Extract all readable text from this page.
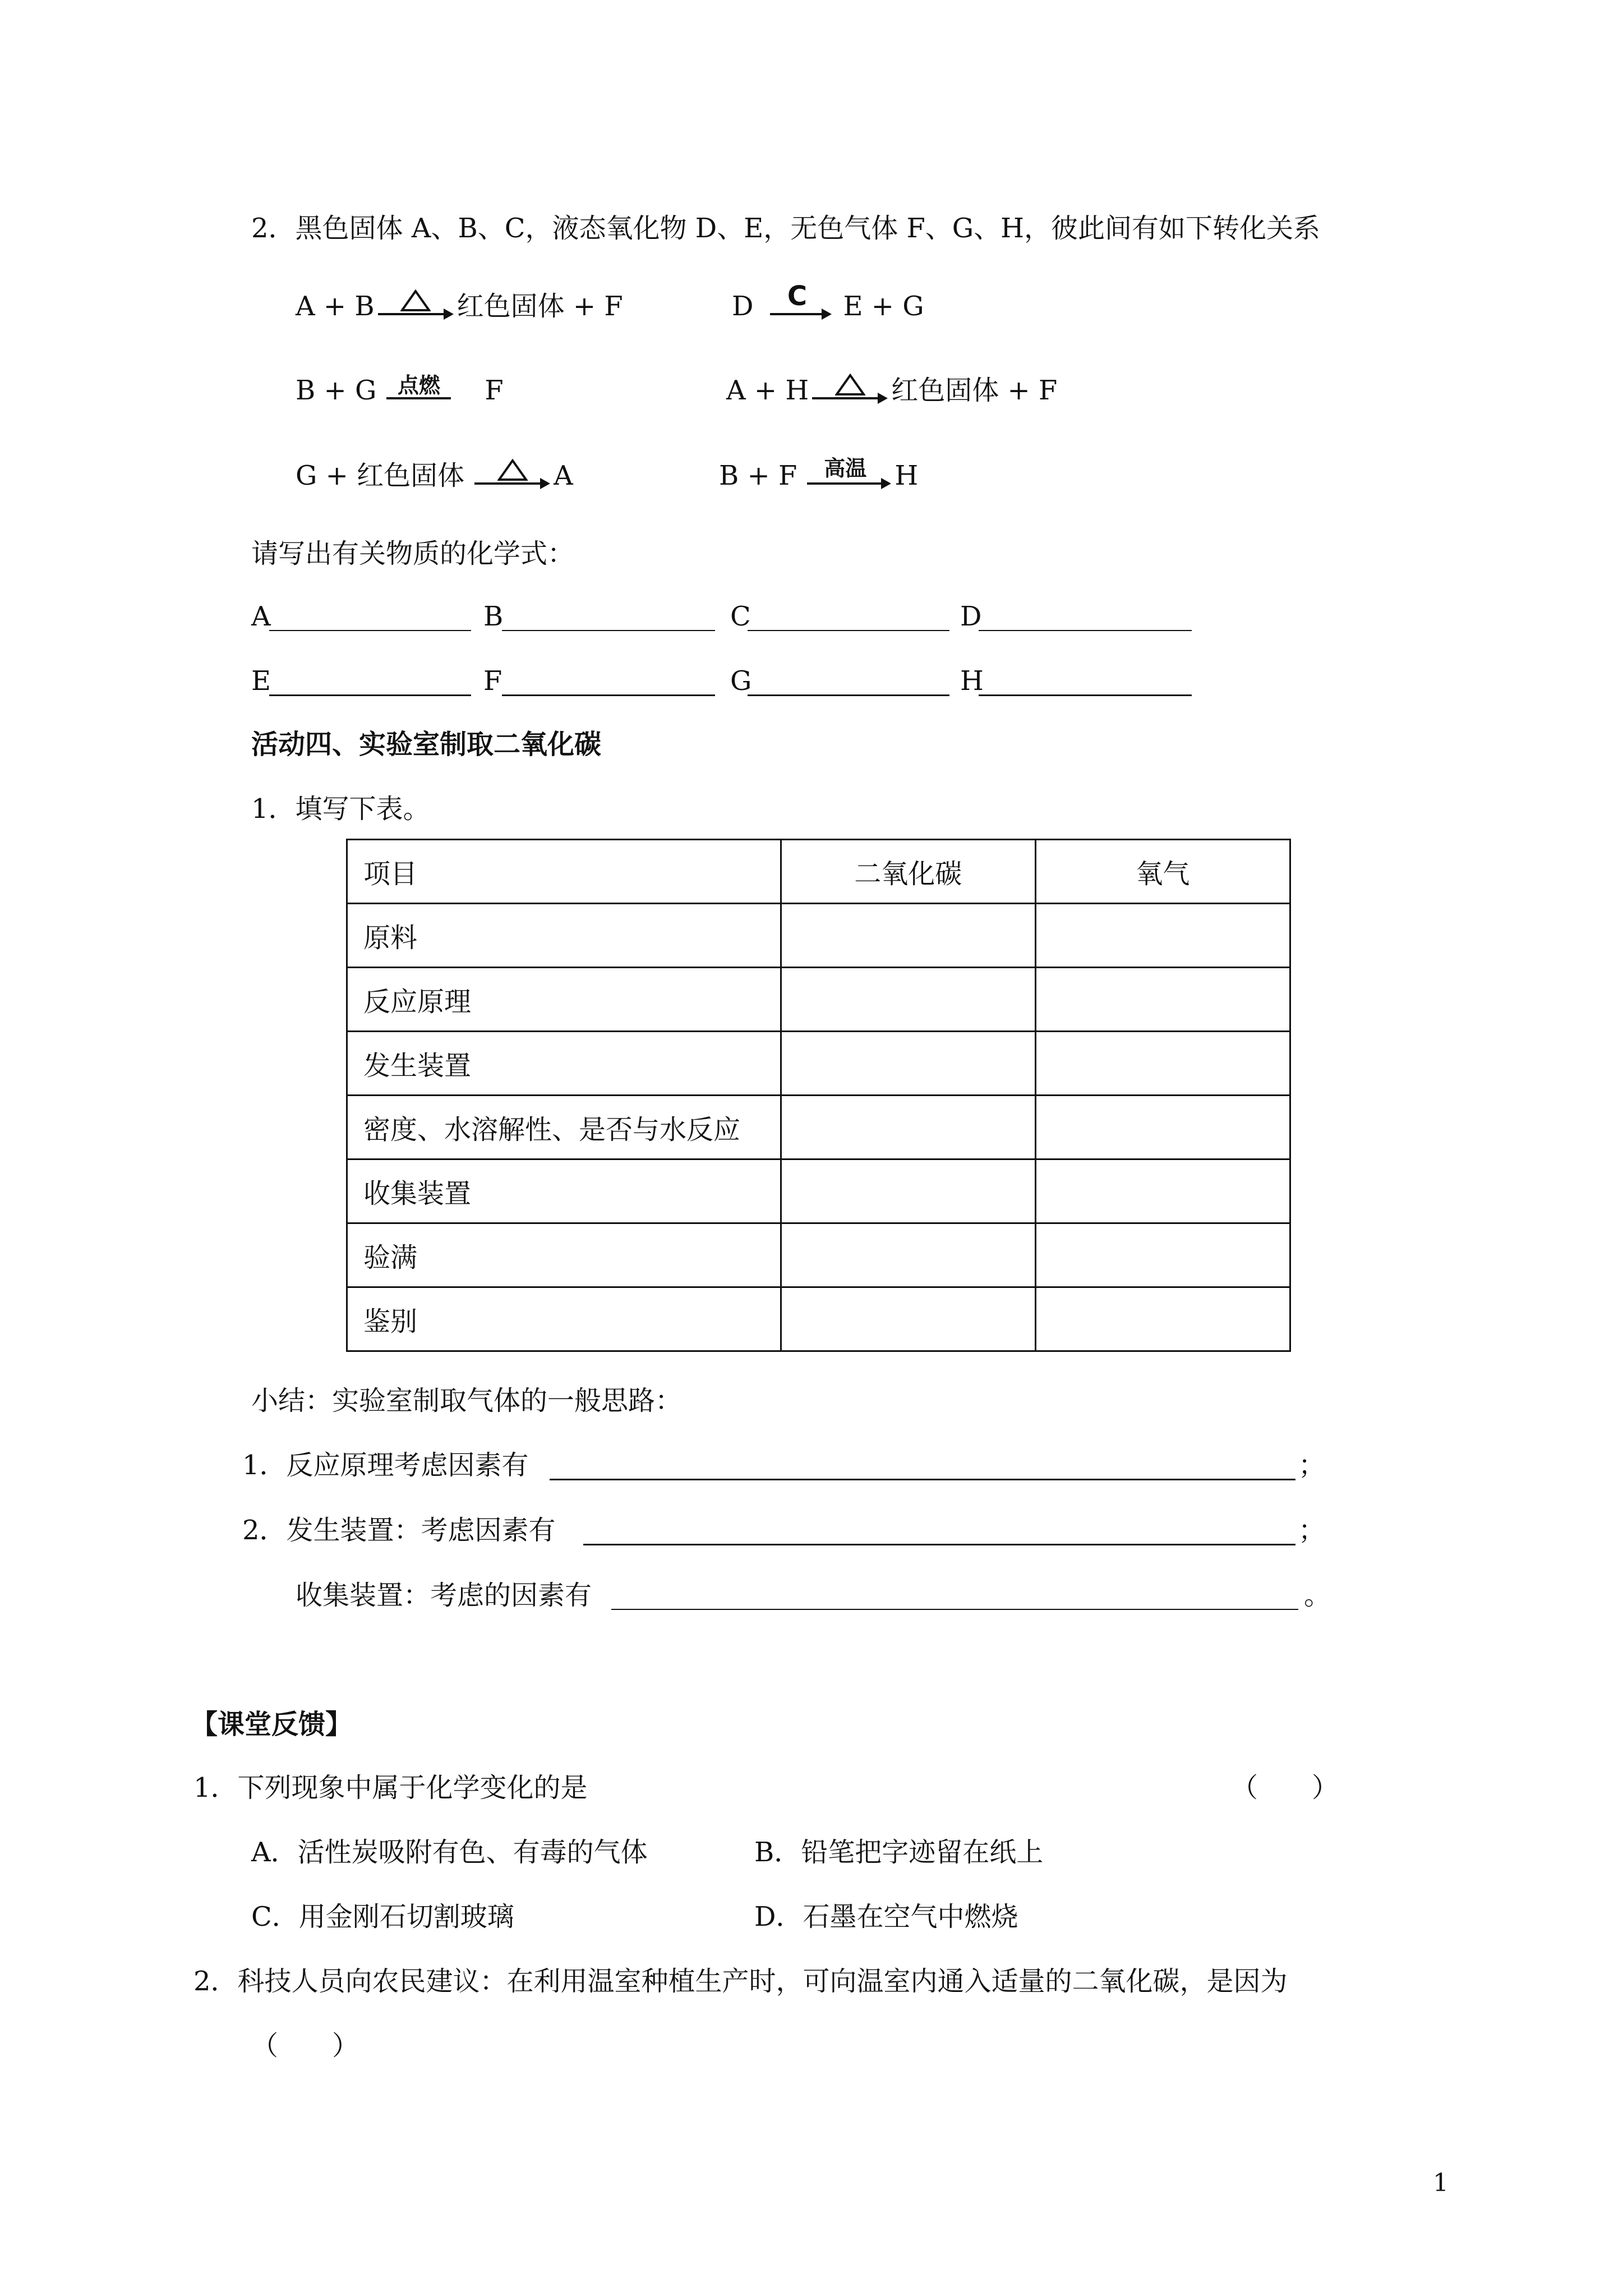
2．黑色固体 A、B、C，液态氧化物 D、E，无色气体 F、G、H，彼此间有如下转化关系
A + B	红色固体 + F	D	C	E + G
B + G 点燃	F	A + H	红色固体 + F
G + 红色固体	A	B + F	高温	H
请写出有关物质的化学式：
A	B	C	D
E	F	G	H
活动四、实验室制取二氧化碳
1．填写下表。
项目	二氧化碳	氧气
原料		
反应原理		
发生装置		
密度、水溶解性、是否与水反应		
收集装置		
验满		
鉴别		
小结：实验室制取气体的一般思路：
1．反应原理考虑因素有	；
2．发生装置：考虑因素有	；
收集装置：考虑的因素有	。
【课堂反馈】
1．下列现象中属于化学变化的是	（　　）
A．活性炭吸附有色、有毒的气体	B．铅笔把字迹留在纸上
C．用金刚石切割玻璃	D．石墨在空气中燃烧
2．科技人员向农民建议：在利用温室种植生产时，可向温室内通入适量的二氧化碳，是因为
（　　）
1
